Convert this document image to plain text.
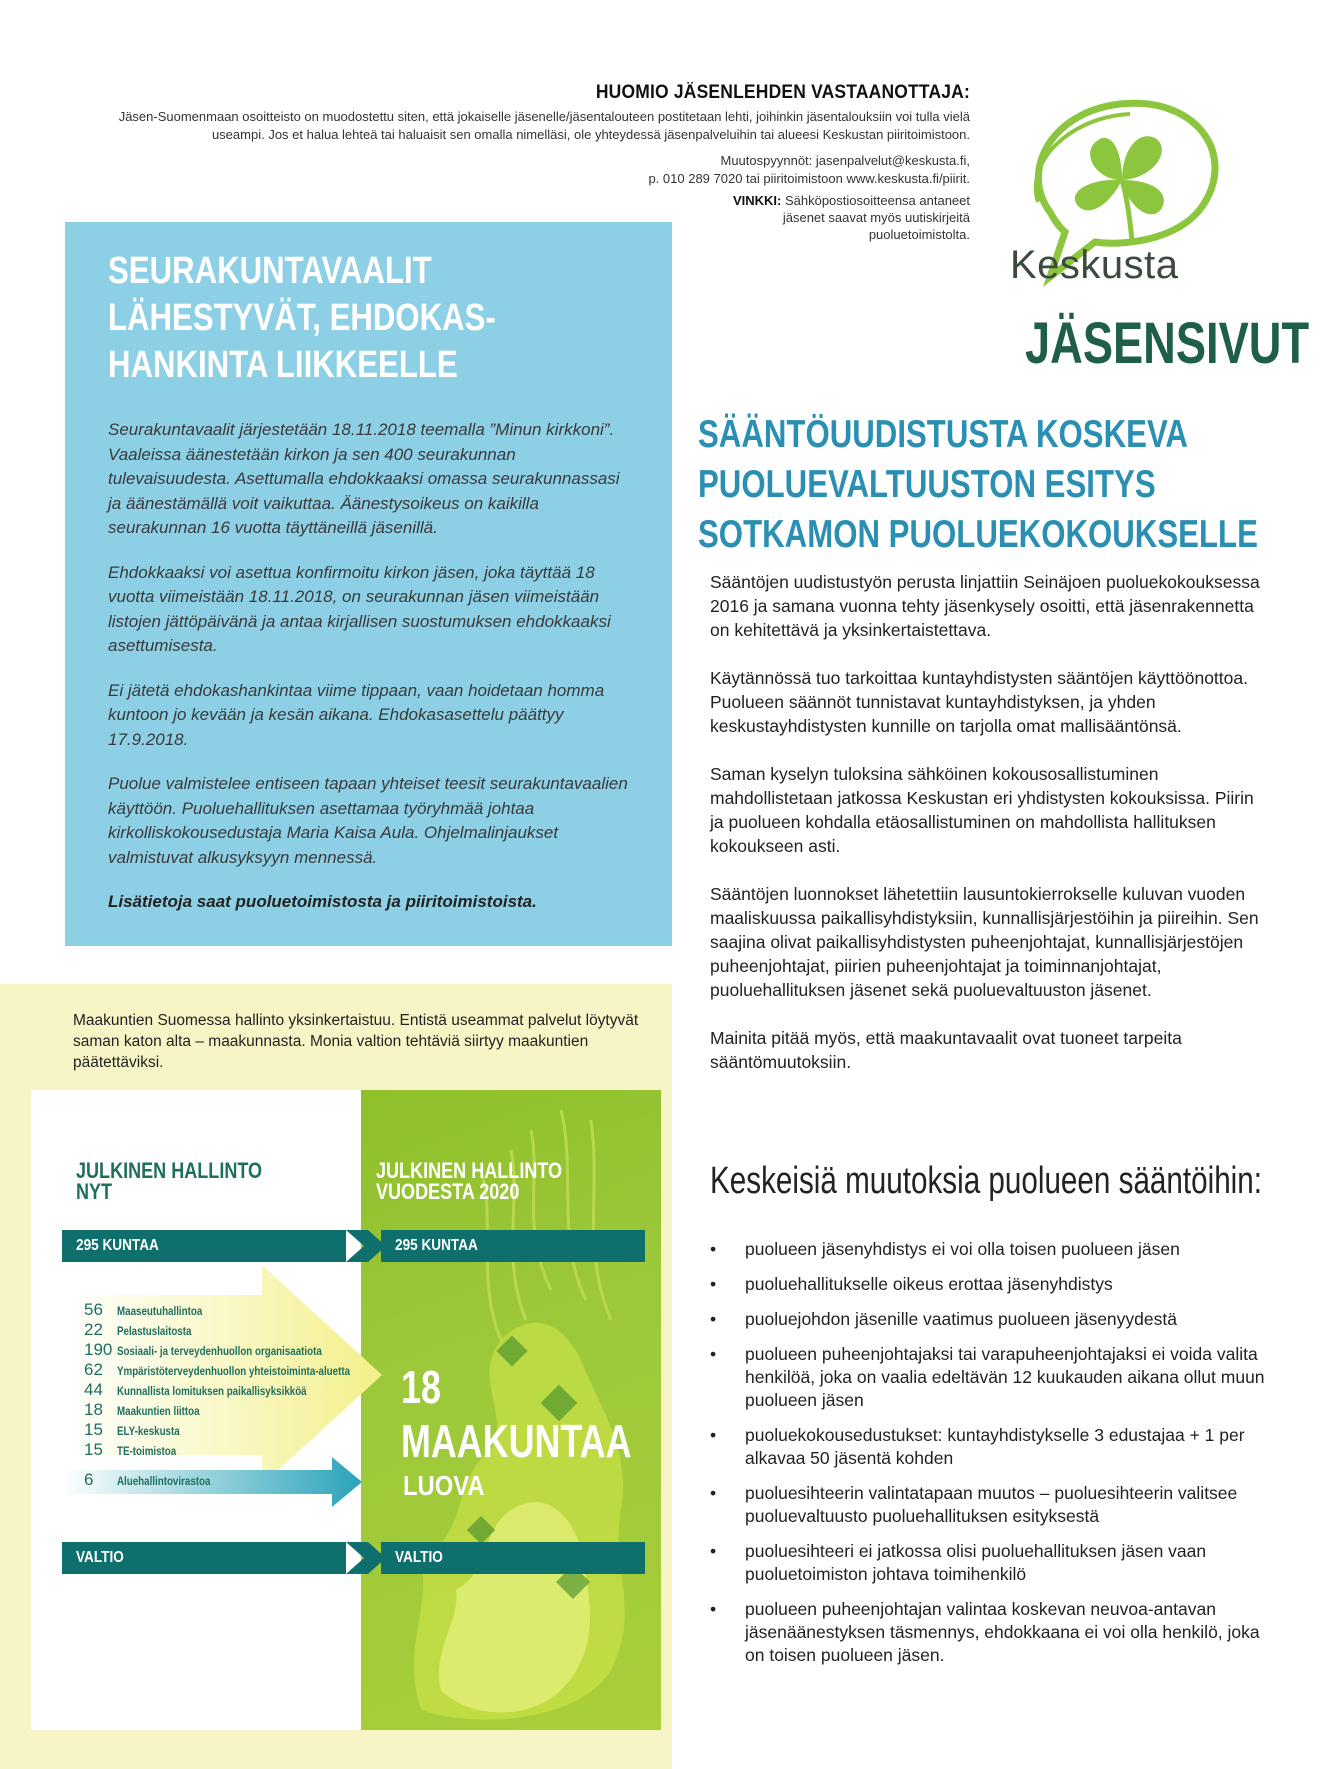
HUOMIO JÄSENLEHDEN VASTAANOTTAJA:
Jäsen-Suomenmaan osoitteisto on muodostettu siten, että jokaiselle jäsenelle/jäsentalouteen postitetaan lehti, joihinkin jäsentalouksiin voi tulla vielä useampi. Jos et halua lehteä tai haluaisit sen omalla nimelläsi, ole yhteydessä jäsenpalveluihin tai alueesi Keskustan piiritoimistoon.
Muutospyynnöt: jasenpalvelut@keskusta.fi,
p. 010 289 7020 tai piiritoimistoon www.keskusta.fi/piirit.
VINKKI: Sähköpostiosoitteensa antaneet jäsenet saavat myös uutiskirjeitä puoluetoimistolta.
Keskusta
JÄSENSIVUT
SEURAKUNTAVAALIT
LÄHESTYVÄT, EHDOKAS-
HANKINTA LIIKKEELLE

Seurakuntavaalit järjestetään 18.11.2018 teemalla ”Minun kirkkoni”. Vaaleissa äänestetään kirkon ja sen 400 seurakunnan tulevaisuudesta. Asettumalla ehdokkaaksi omassa seurakunnassasi ja äänestämällä voit vaikuttaa. Äänestysoikeus on kaikilla seurakunnan 16 vuotta täyttäneillä jäsenillä.

Ehdokkaaksi voi asettua konfirmoitu kirkon jäsen, joka täyttää 18 vuotta viimeistään 18.11.2018, on seurakunnan jäsen viimeistään listojen jättöpäivänä ja antaa kirjallisen suostumuksen ehdokkaaksi asettumisesta.

Ei jätetä ehdokashankintaa viime tippaan, vaan hoidetaan homma kuntoon jo kevään ja kesän aikana. Ehdokasasettelu päättyy 17.9.2018.

Puolue valmistelee entiseen tapaan yhteiset teesit seurakuntavaalien käyttöön. Puoluehallituksen asettamaa työryhmää johtaa kirkolliskokousedustaja Maria Kaisa Aula. Ohjelmalinjaukset valmistuvat alkusyksyyn mennessä.

Lisätietoja saat puoluetoimistosta ja piiritoimistoista.

SÄÄNTÖUUDISTUSTA KOSKEVA
PUOLUEVALTUUSTON ESITYS
SOTKAMON PUOLUEKOKOUKSELLE

Sääntöjen uudistustyön perusta linjattiin Seinäjoen puoluekokouksessa 2016 ja samana vuonna tehty jäsenkysely osoitti, että jäsenrakennetta on kehitettävä ja yksinkertaistettava.

Käytännössä tuo tarkoittaa kuntayhdistysten sääntöjen käyttöönottoa. Puolueen säännöt tunnistavat kuntayhdistyksen, ja yhden keskustayhdistysten kunnille on tarjolla omat mallisääntönsä.

Saman kyselyn tuloksina sähköinen kokousosallistuminen mahdollistetaan jatkossa Keskustan eri yhdistysten kokouksissa. Piirin ja puolueen kohdalla etäosallistuminen on mahdollista hallituksen kokoukseen asti.

Sääntöjen luonnokset lähetettiin lausuntokierrokselle kuluvan vuoden maaliskuussa paikallisyhdistyksiin, kunnallisjärjestöihin ja piireihin. Sen saajina olivat paikallisyhdistysten puheenjohtajat, kunnallisjärjestöjen puheenjohtajat, piirien puheenjohtajat ja toiminnanjohtajat, puoluehallituksen jäsenet sekä puoluevaltuuston jäsenet.

Mainita pitää myös, että maakuntavaalit ovat tuoneet tarpeita sääntömuutoksiin.

Keskeisiä muutoksia puolueen sääntöihin:
• puolueen jäsenyhdistys ei voi olla toisen puolueen jäsen
• puoluehallitukselle oikeus erottaa jäsenyhdistys
• puoluejohdon jäsenille vaatimus puolueen jäsenyydestä
• puolueen puheenjohtajaksi tai varapuheenjohtajaksi ei voida valita henkilöä, joka on vaalia edeltävän 12 kuukauden aikana ollut muun puolueen jäsen
• puoluekokousedustukset: kuntayhdistykselle 3 edustajaa + 1 per alkavaa 50 jäsentä kohden
• puoluesihteerin valintatapaan muutos – puoluesihteerin valitsee puoluevaltuusto puoluehallituksen esityksestä
• puoluesihteeri ei jatkossa olisi puoluehallituksen jäsen vaan puoluetoimiston johtava toimihenkilö
• puolueen puheenjohtajan valintaa koskevan neuvoa-antavan jäsenäänestyksen täsmennys, ehdokkaana ei voi olla henkilö, joka on toisen puolueen jäsen.
Maakuntien Suomessa hallinto yksinkertaistuu. Entistä useammat palvelut löytyvät saman katon alta – maakunnasta. Monia valtion tehtäviä siirtyy maakuntien päätettäviksi.
JULKINEN HALLINTO
NYT
JULKINEN HALLINTO
VUODESTA 2020
295 KUNTAA	295 KUNTAA
VALTIO	VALTIO
56 Maaseutuhallintoa
22 Pelastuslaitosta
190 Sosiaali- ja terveydenhuollon organisaatiota
62 Ympäristöterveydenhuollon yhteistoiminta-aluetta
44 Kunnallista lomituksen paikallisyksikköä
18 Maakuntien liittoa
15 ELY-keskusta
15 TE-toimistoa
6 Aluehallintovirastoa
18 MAAKUNTAA
LUOVA
